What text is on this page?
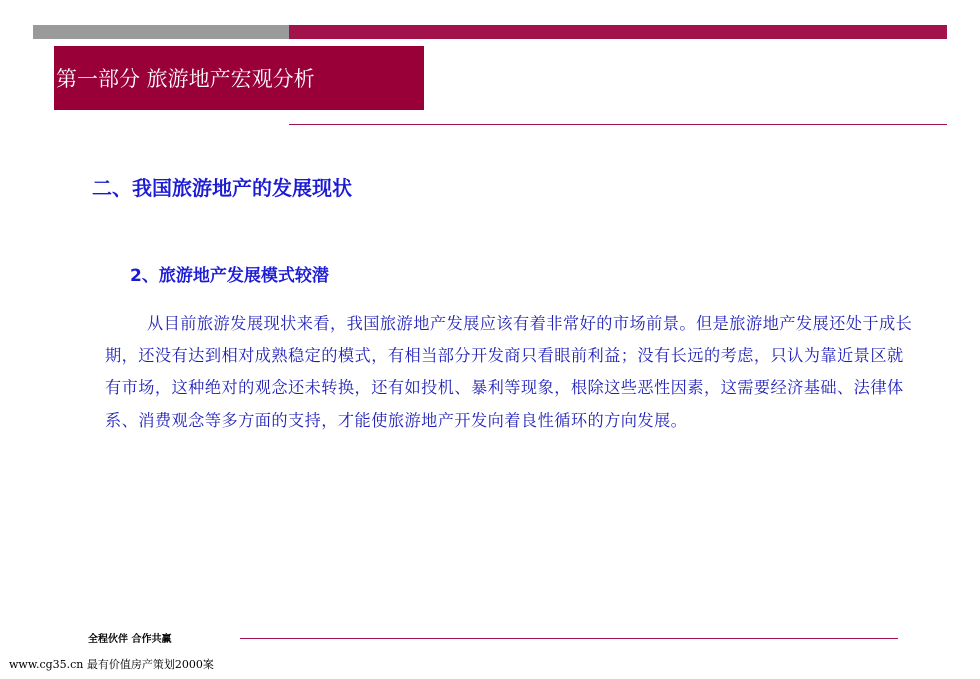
第一部分 旅游地产宏观分析
二、我国旅游地产的发展现状
2、旅游地产发展模式较潜

从目前旅游发展现状来看，我国旅游地产发展应该有着非常好的市场前景。但是旅游地产发展还处于成长期，还没有达到相对成熟稳定的模式，有相当部分开发商只看眼前利益；没有长远的考虑，只认为靠近景区就有市场，这种绝对的观念还未转换，还有如投机、暴利等现象，根除这些恶性因素，这需要经济基础、法律体系、消费观念等多方面的支持，才能使旅游地产开发向着良性循环的方向发展。

全程伙伴 合作共赢
www.cg35.cn 最有价值房产策划2000案
